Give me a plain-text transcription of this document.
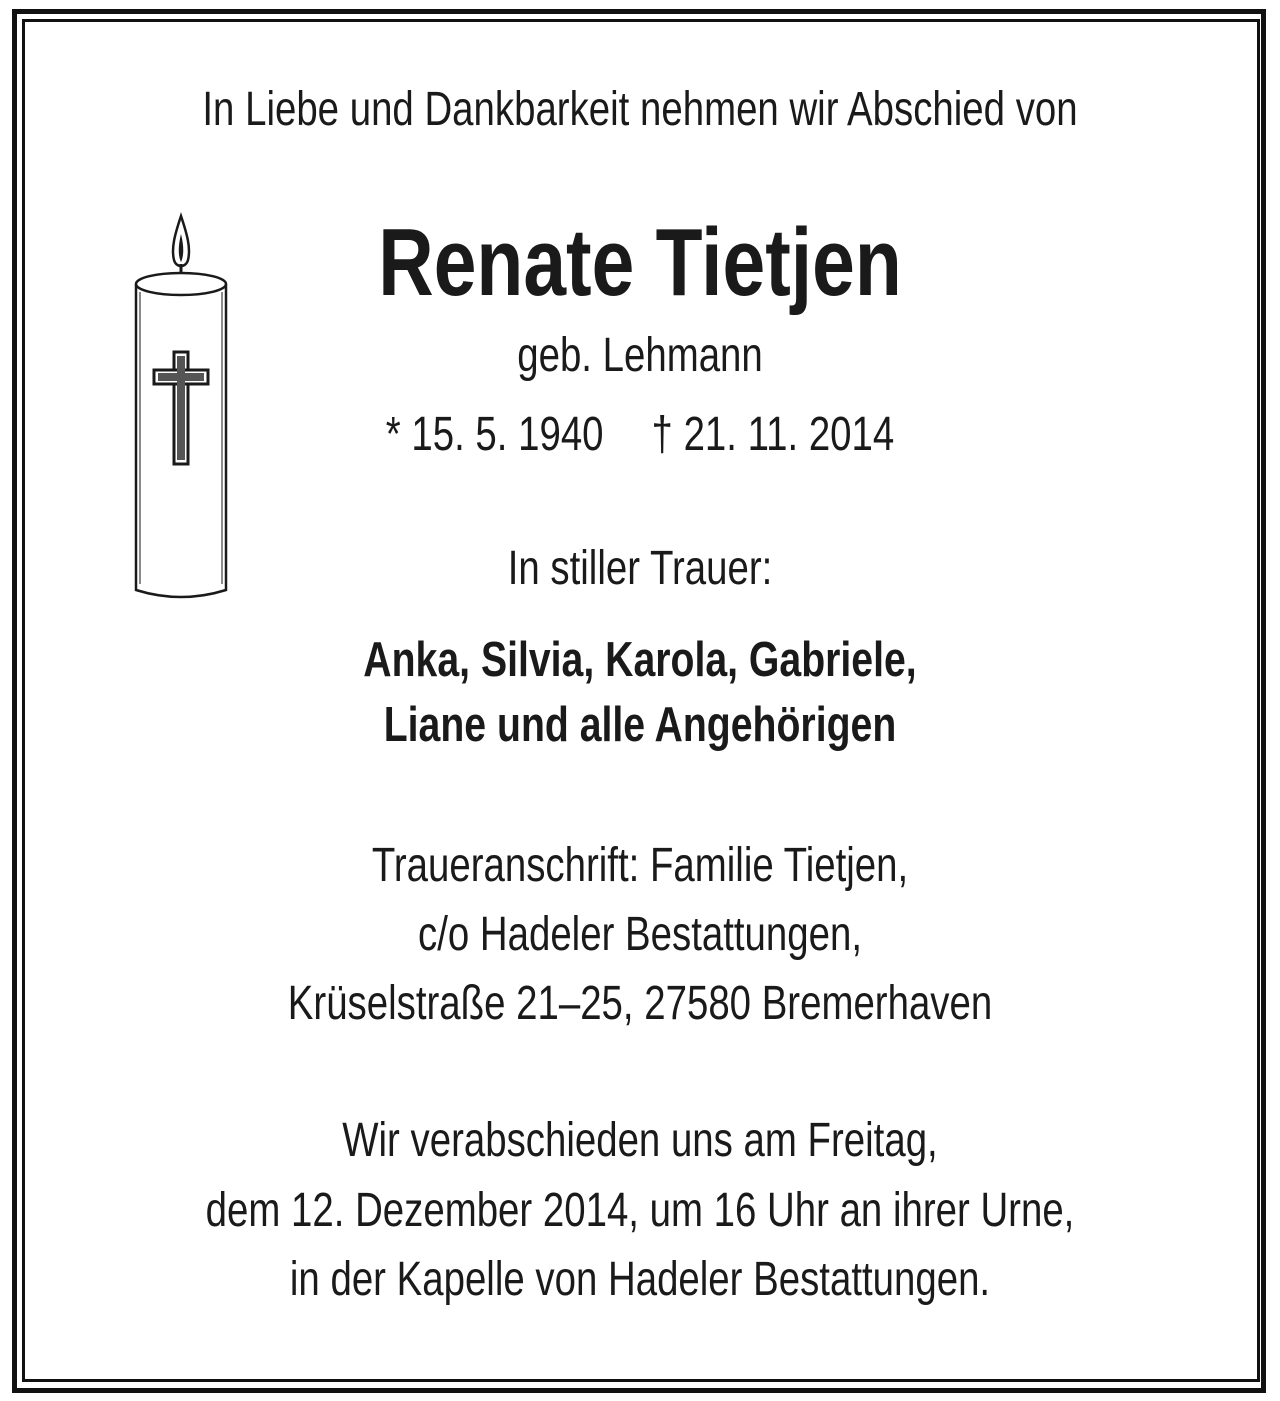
In Liebe und Dankbarkeit nehmen wir Abschied von
Renate Tietjen
geb. Lehmann
* 15. 5. 1940 † 21. 11. 2014
In stiller Trauer:
Anka, Silvia, Karola, Gabriele,
Liane und alle Angehörigen
Traueranschrift: Familie Tietjen,
c/o Hadeler Bestattungen,
Krüselstraße 21–25, 27580 Bremerhaven
Wir verabschieden uns am Freitag,
dem 12. Dezember 2014, um 16 Uhr an ihrer Urne,
in der Kapelle von Hadeler Bestattungen.
